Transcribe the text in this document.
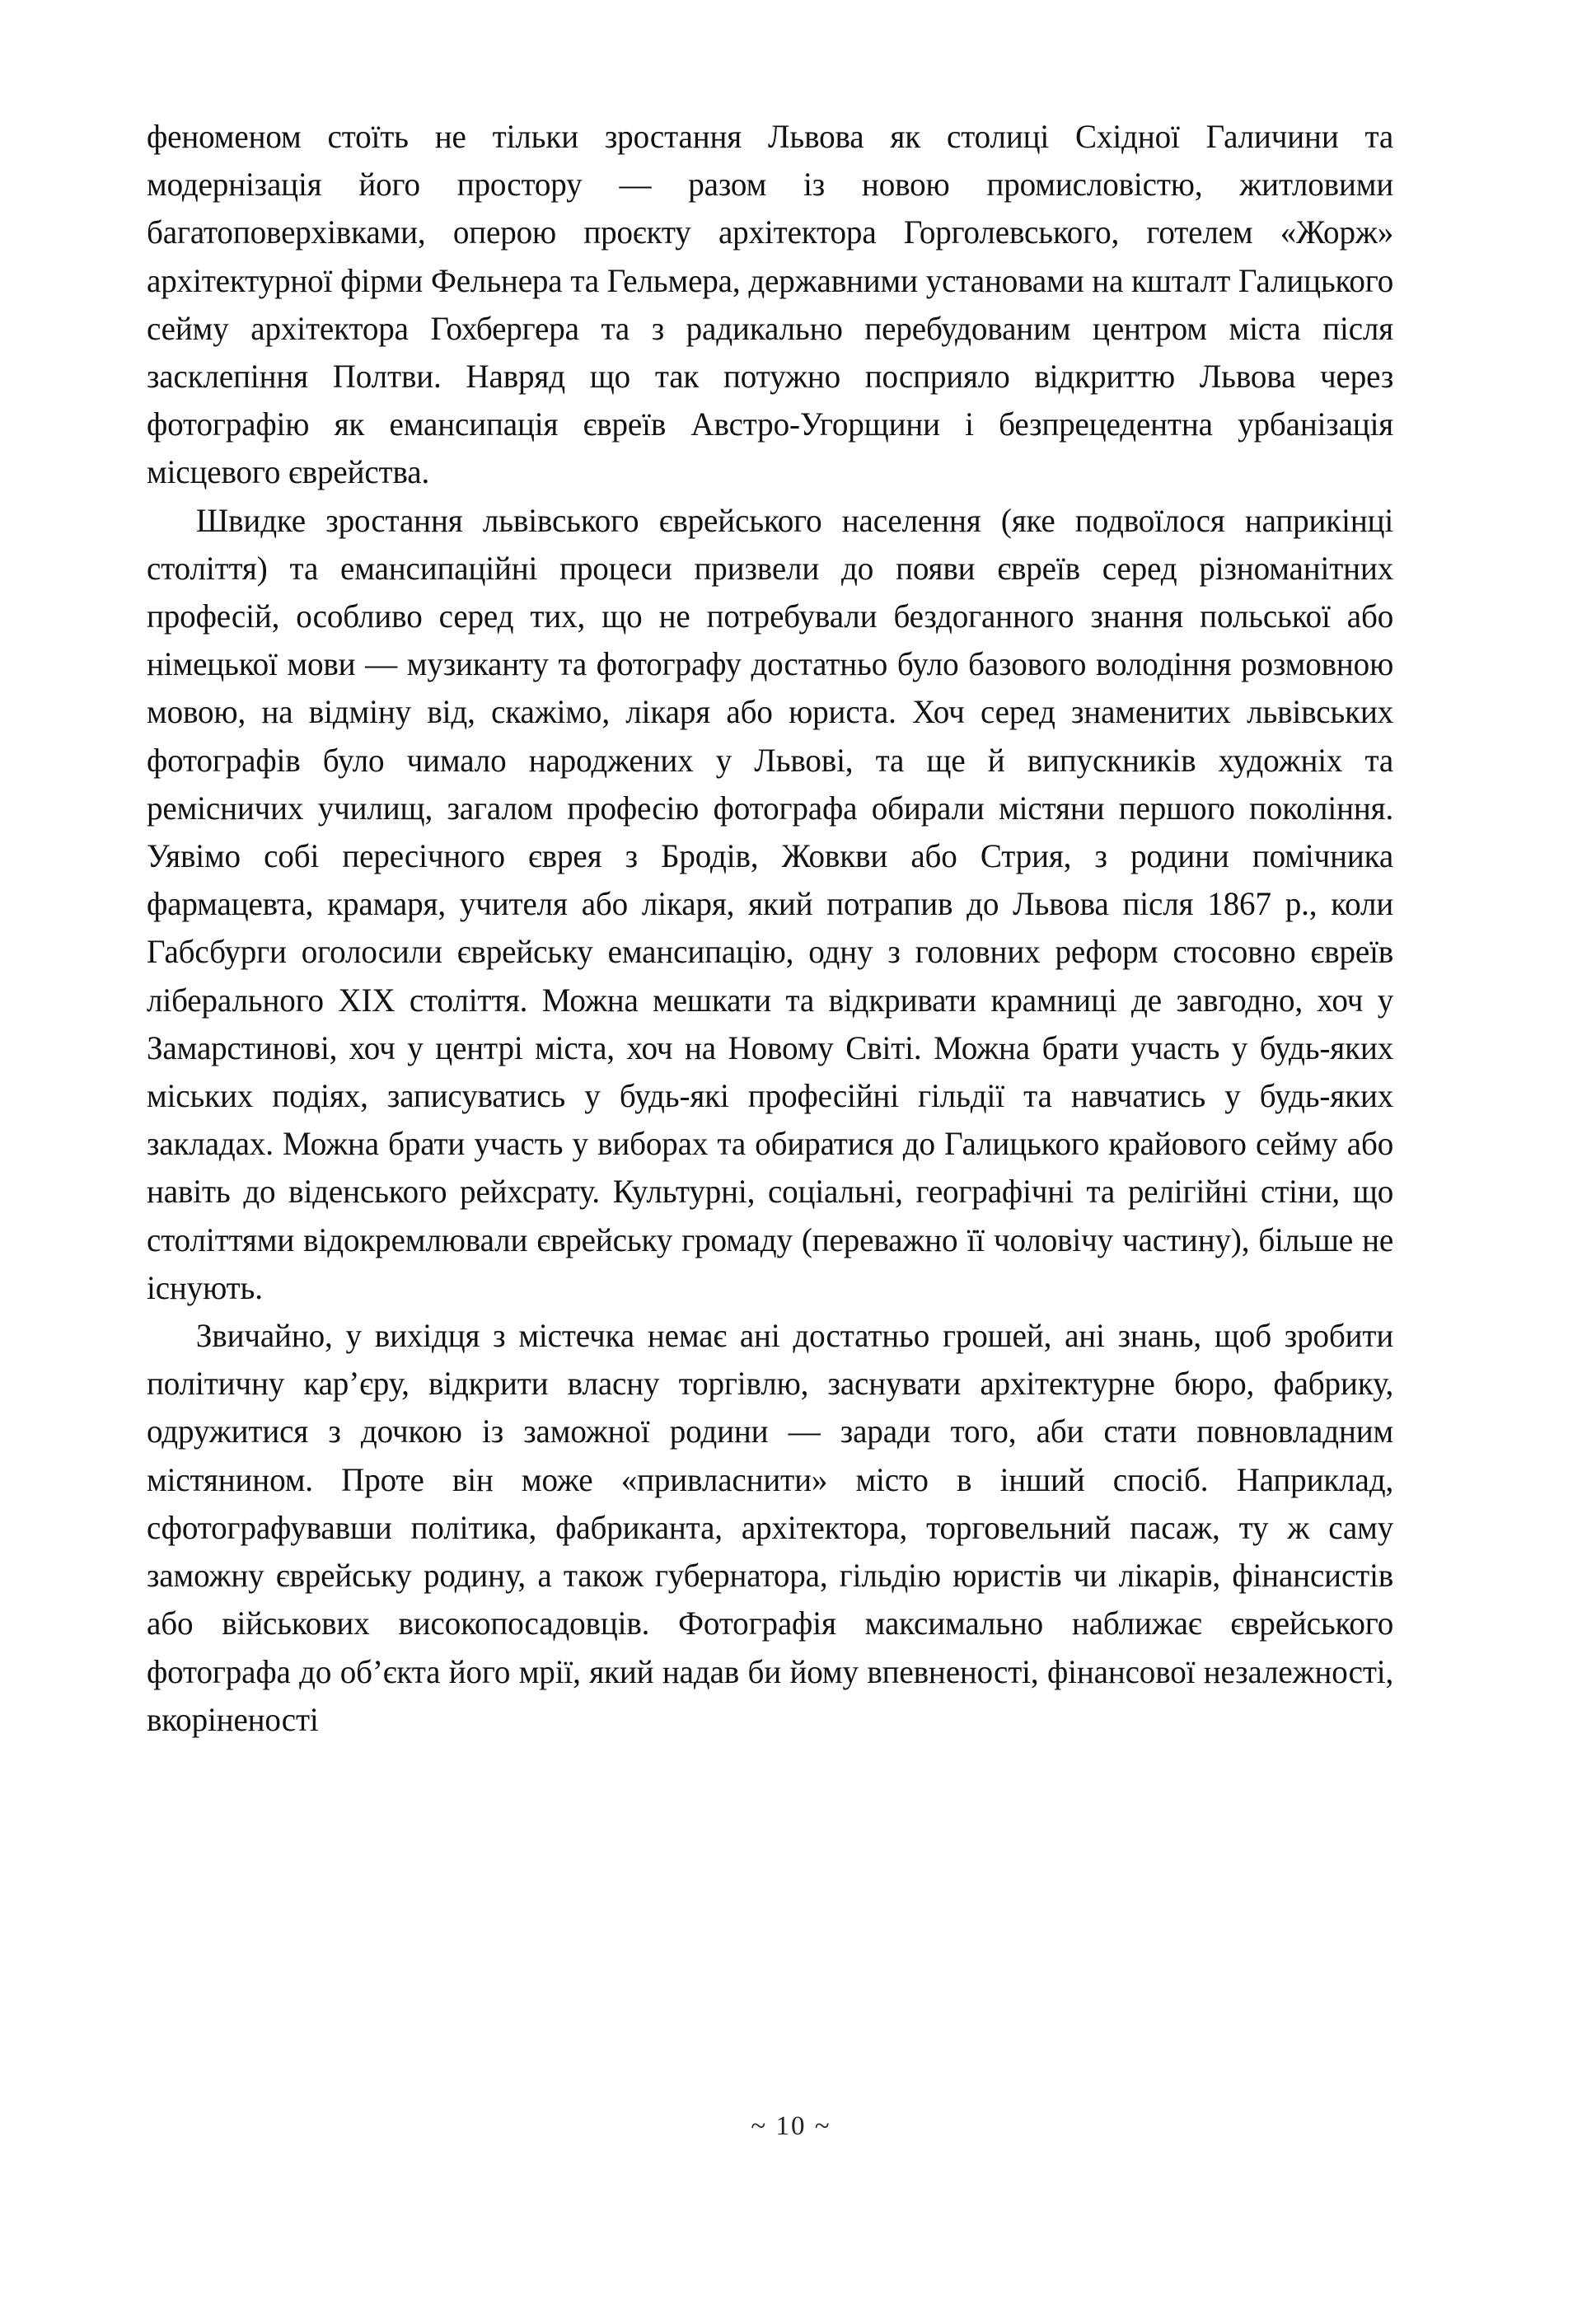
феноменом стоїть не тільки зростання Львова як столиці Східної Галичини та модернізація його простору — разом із новою промисловістю, житловими багатоповерхівками, оперою проєкту архітектора Горголевського, готелем «Жорж» архітектурної фірми Фельнера та Гельмера, державними установами на кшталт Галицького сейму архітектора Гохбергера та з радикально перебудованим центром міста після засклепіння Полтви. Навряд що так потужно посприяло відкриттю Львова через фотографію як емансипація євреїв Австро-Угорщини і безпрецедентна урбанізація місцевого єврейства.

Швидке зростання львівського єврейського населення (яке подвоїлося наприкінці століття) та емансипаційні процеси призвели до появи євреїв серед різноманітних професій, особливо серед тих, що не потребували бездоганного знання польської або німецької мови — музиканту та фотографу достатньо було базового володіння розмовною мовою, на відміну від, скажімо, лікаря або юриста. Хоч серед знаменитих львівських фотографів було чимало народжених у Львові, та ще й випускників художніх та ремісничих училищ, загалом професію фотографа обирали містяни першого покоління. Уявімо собі пересічного єврея з Бродів, Жовкви або Стрия, з родини помічника фармацевта, крамаря, учителя або лікаря, який потрапив до Львова після 1867 р., коли Габсбурги оголосили єврейську емансипацію, одну з головних реформ стосовно євреїв ліберального XIX століття. Можна мешкати та відкривати крамниці де завгодно, хоч у Замарстинові, хоч у центрі міста, хоч на Новому Світі. Можна брати участь у будь-яких міських подіях, записуватись у будь-які професійні гільдії та навчатись у будь-яких закладах. Можна брати участь у виборах та обиратися до Галицького крайового сейму або навіть до віденського рейхсрату. Культурні, соціальні, географічні та релігійні стіни, що століттями відокремлювали єврейську громаду (переважно її чоловічу частину), більше не існують.

Звичайно, у вихідця з містечка немає ані достатньо грошей, ані знань, щоб зробити політичну кар’єру, відкрити власну торгівлю, заснувати архітектурне бюро, фабрику, одружитися з дочкою із заможної родини — заради того, аби стати повновладним містянином. Проте він може «привласнити» місто в інший спосіб. Наприклад, сфотографувавши політика, фабриканта, архітектора, торговельний пасаж, ту ж саму заможну єврейську родину, а також губернатора, гільдію юристів чи лікарів, фінансистів або військових високопосадовців. Фотографія максимально наближає єврейського фотографа до об’єкта його мрії, який надав би йому впевненості, фінансової незалежності, вкоріненості

~ 10 ~
